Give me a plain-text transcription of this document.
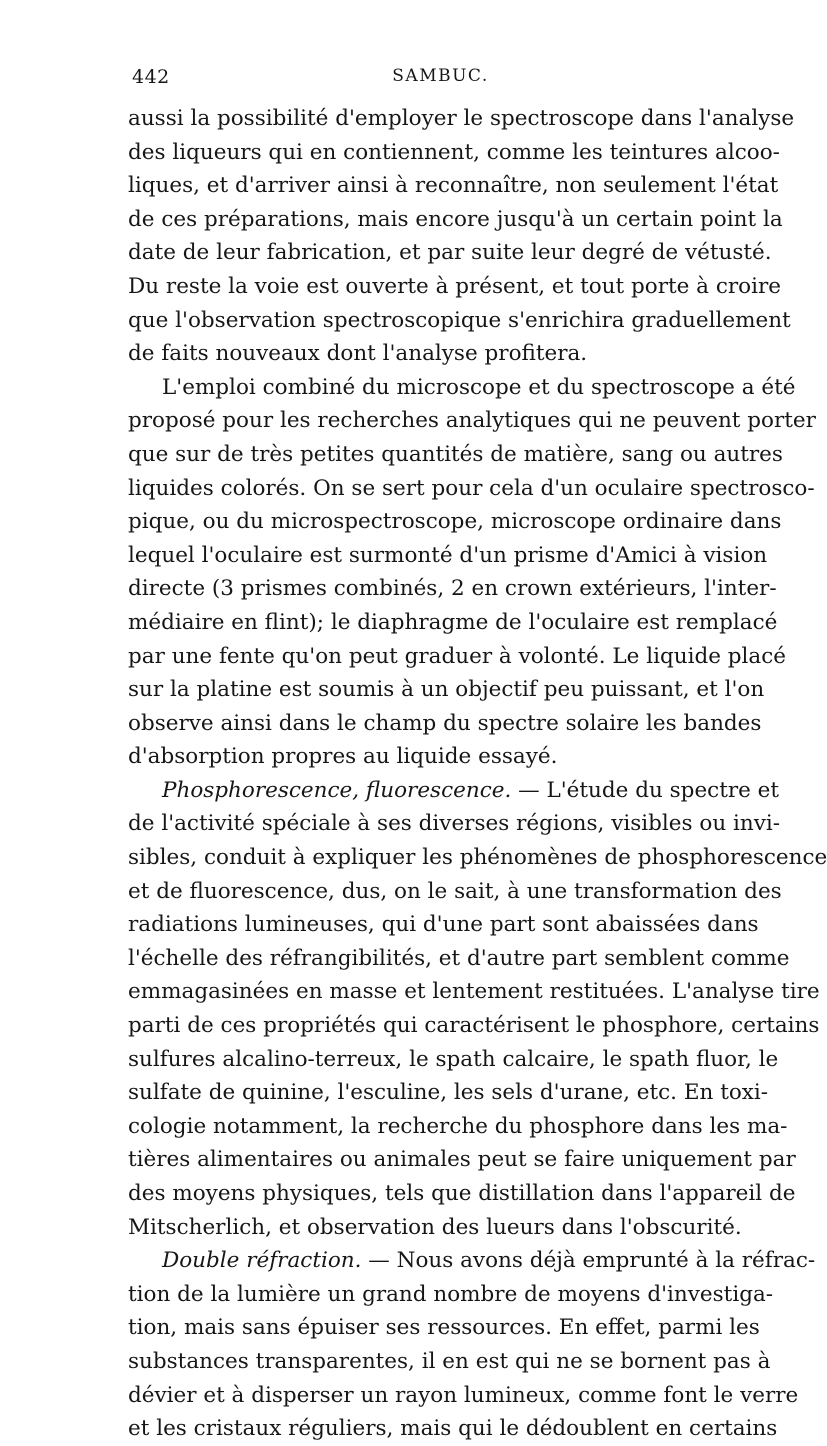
442	SAMBUC.
aussi la possibilité d'employer le spectroscope dans l'analyse
des liqueurs qui en contiennent, comme les teintures alcoo-
liques, et d'arriver ainsi à reconnaître, non seulement l'état
de ces préparations, mais encore jusqu'à un certain point la
date de leur fabrication, et par suite leur degré de vétusté.
Du reste la voie est ouverte à présent, et tout porte à croire
que l'observation spectroscopique s'enrichira graduellement
de faits nouveaux dont l'analyse profitera.
L'emploi combiné du microscope et du spectroscope a été
proposé pour les recherches analytiques qui ne peuvent porter
que sur de très petites quantités de matière, sang ou autres
liquides colorés. On se sert pour cela d'un oculaire spectrosco-
pique, ou du microspectroscope, microscope ordinaire dans
lequel l'oculaire est surmonté d'un prisme d'Amici à vision
directe (3 prismes combinés, 2 en crown extérieurs, l'inter-
médiaire en flint); le diaphragme de l'oculaire est remplacé
par une fente qu'on peut graduer à volonté. Le liquide placé
sur la platine est soumis à un objectif peu puissant, et l'on
observe ainsi dans le champ du spectre solaire les bandes
d'absorption propres au liquide essayé.
Phosphorescence, fluorescence. — L'étude du spectre et
de l'activité spéciale à ses diverses régions, visibles ou invi-
sibles, conduit à expliquer les phénomènes de phosphorescence
et de fluorescence, dus, on le sait, à une transformation des
radiations lumineuses, qui d'une part sont abaissées dans
l'échelle des réfrangibilités, et d'autre part semblent comme
emmagasinées en masse et lentement restituées. L'analyse tire
parti de ces propriétés qui caractérisent le phosphore, certains
sulfures alcalino-terreux, le spath calcaire, le spath fluor, le
sulfate de quinine, l'esculine, les sels d'urane, etc. En toxi-
cologie notamment, la recherche du phosphore dans les ma-
tières alimentaires ou animales peut se faire uniquement par
des moyens physiques, tels que distillation dans l'appareil de
Mitscherlich, et observation des lueurs dans l'obscurité.
Double réfraction. — Nous avons déjà emprunté à la réfrac-
tion de la lumière un grand nombre de moyens d'investiga-
tion, mais sans épuiser ses ressources. En effet, parmi les
substances transparentes, il en est qui ne se bornent pas à
dévier et à disperser un rayon lumineux, comme font le verre
et les cristaux réguliers, mais qui le dédoublent en certains
